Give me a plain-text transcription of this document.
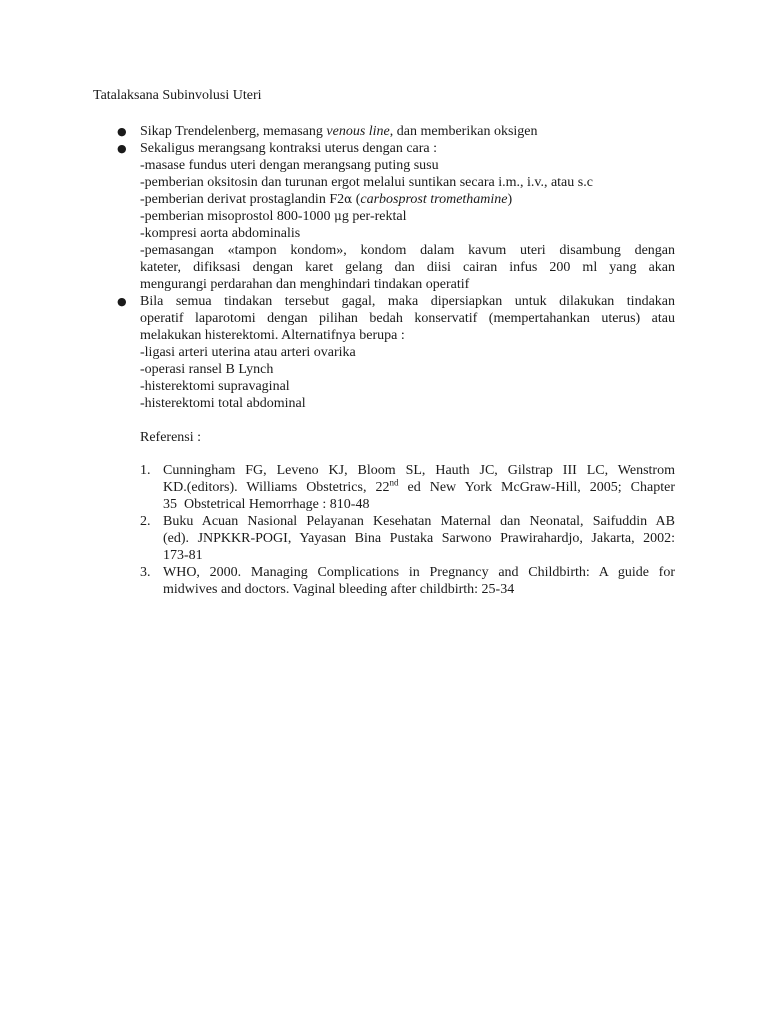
Tatalaksana Subinvolusi Uteri
● Sikap Trendelenberg, memasang venous line, dan memberikan oksigen
● Sekaligus merangsang kontraksi uterus dengan cara :
-masase fundus uteri dengan merangsang puting susu
-pemberian oksitosin dan turunan ergot melalui suntikan secara i.m., i.v., atau s.c
-pemberian derivat prostaglandin F2α (carbosprost tromethamine)
-pemberian misoprostol 800-1000 μg per-rektal
-kompresi aorta abdominalis
-pemasangan «tampon kondom», kondom dalam kavum uteri disambung dengan
kateter, difiksasi dengan karet gelang dan diisi cairan infus 200 ml yang akan
mengurangi perdarahan dan menghindari tindakan operatif
● Bila semua tindakan tersebut gagal, maka dipersiapkan untuk dilakukan tindakan
operatif laparotomi dengan pilihan bedah konservatif (mempertahankan uterus) atau
melakukan histerektomi. Alternatifnya berupa :
-ligasi arteri uterina atau arteri ovarika
-operasi ransel B Lynch
-histerektomi supravaginal
-histerektomi total abdominal
Referensi :
1. Cunningham FG, Leveno KJ, Bloom SL, Hauth JC, Gilstrap III LC, Wenstrom
KD.(editors). Williams Obstetrics, 22nd ed New York McGraw-Hill, 2005; Chapter
35  Obstetrical Hemorrhage : 810-48
2. Buku Acuan Nasional Pelayanan Kesehatan Maternal dan Neonatal, Saifuddin AB
(ed). JNPKKR-POGI, Yayasan Bina Pustaka Sarwono Prawirahardjo, Jakarta, 2002:
173-81
3. WHO, 2000. Managing Complications in Pregnancy and Childbirth: A guide for
midwives and doctors. Vaginal bleeding after childbirth: 25-34
